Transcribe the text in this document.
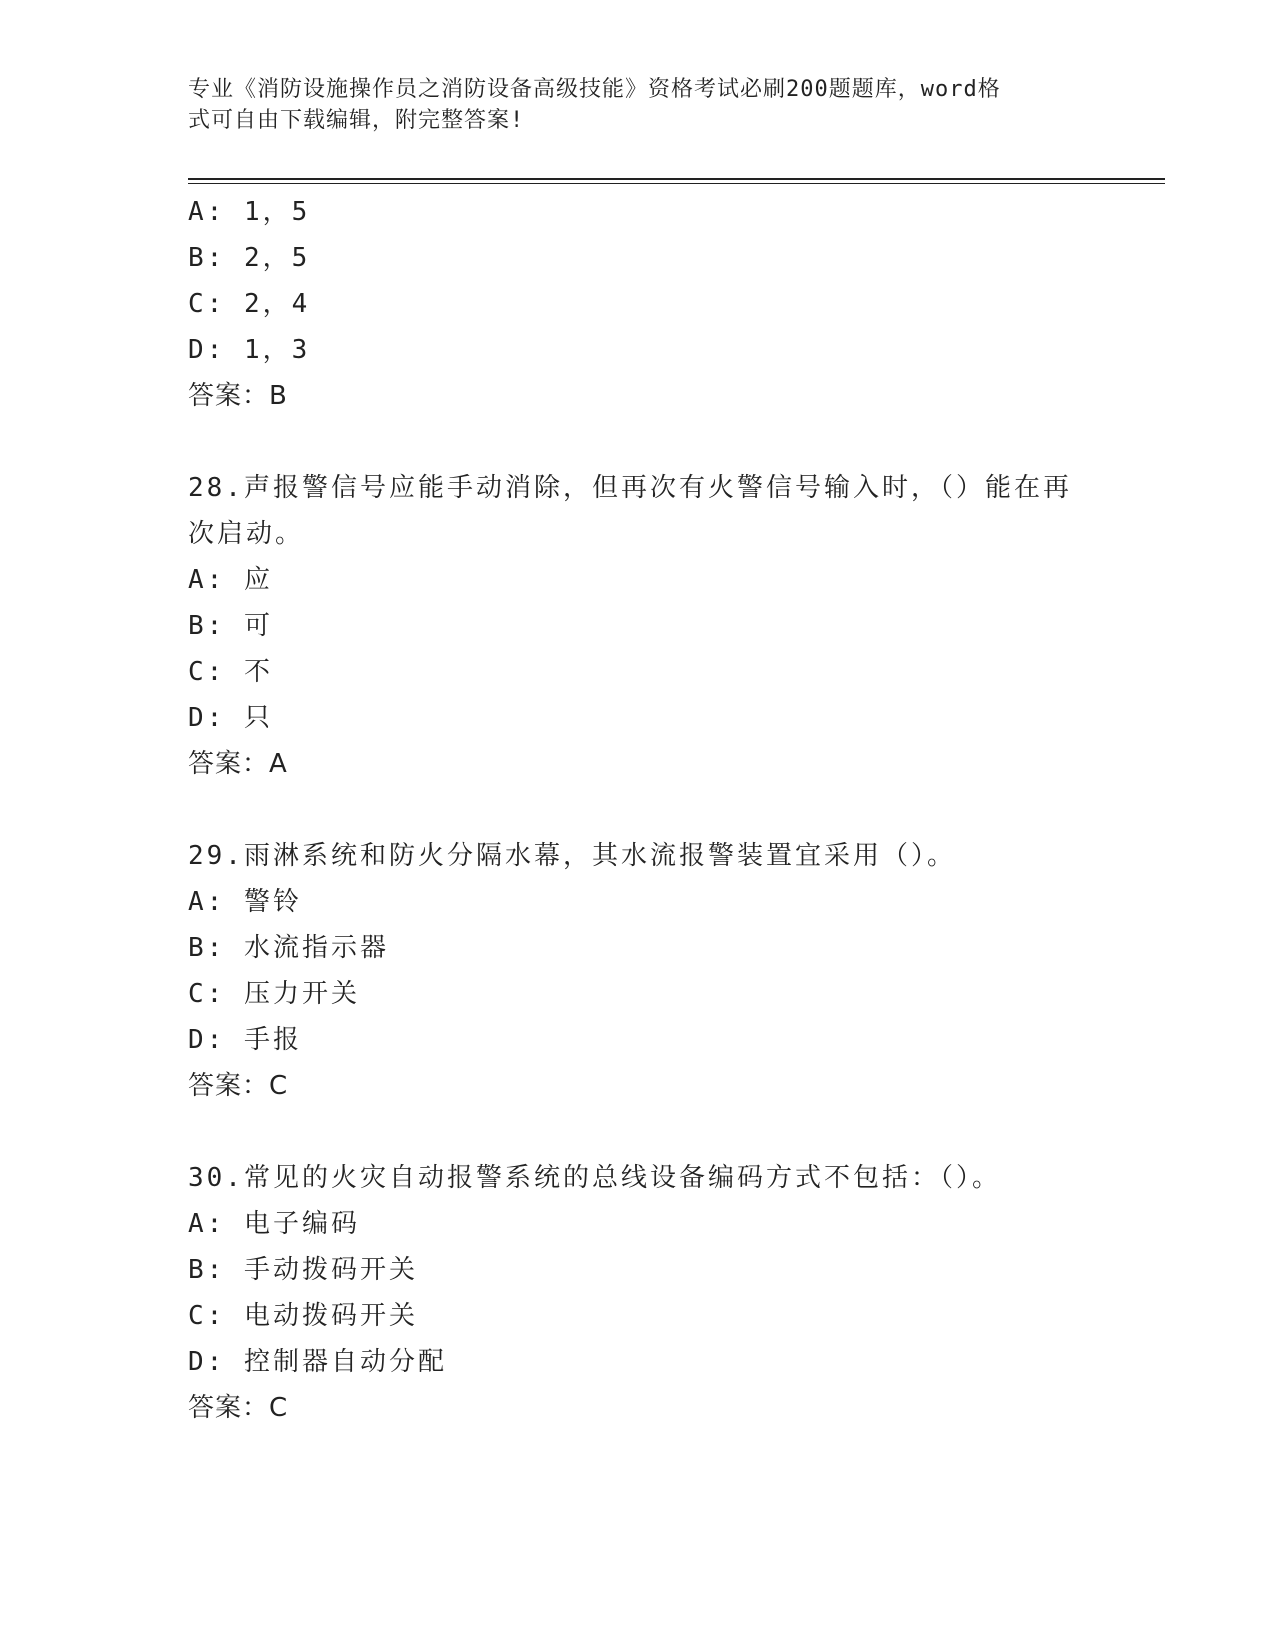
专业《消防设施操作员之消防设备高级技能》资格考试必刷200题题库，word格
式可自由下载编辑，附完整答案!
A: 1，5
B: 2，5
C: 2，4
D: 1，3
答案：B
28.声报警信号应能手动消除，但再次有火警信号输入时，（）能在再
次启动。
A: 应
B: 可
C: 不
D: 只
答案：A
29.雨淋系统和防火分隔水幕，其水流报警装置宜采用（）。
A: 警铃
B: 水流指示器
C: 压力开关
D: 手报
答案：C
30.常见的火灾自动报警系统的总线设备编码方式不包括：（）。
A: 电子编码
B: 手动拨码开关
C: 电动拨码开关
D: 控制器自动分配
答案：C
